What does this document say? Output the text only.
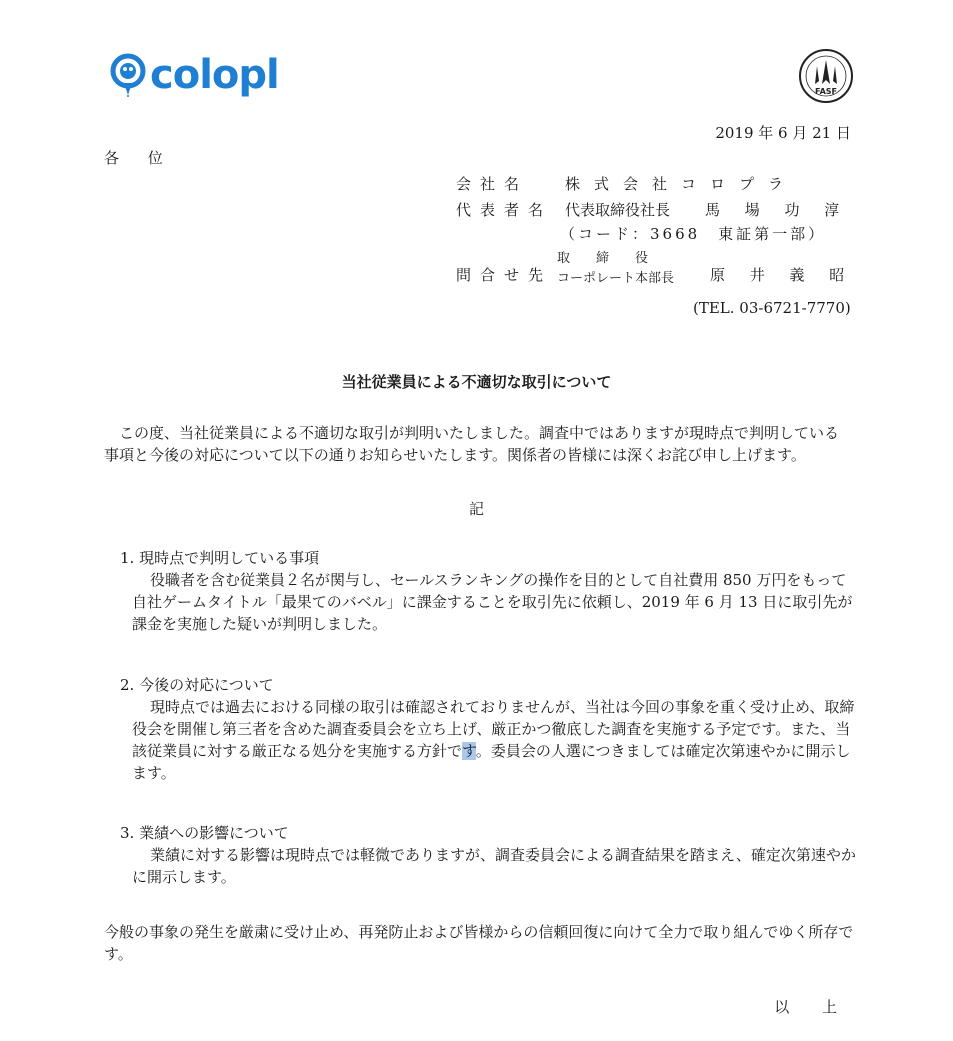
colopl	FASF
2019 年 6 月 21 日
各 位
会社名 株式会社コロプラ
代表者名 代表取締役社長 馬 場 功 淳
（コード：3668　東証第一部）
問合せ先
取　　締　　役
コーポレート本部長 原 井 義 昭
(TEL. 03-6721-7770)
当社従業員による不適切な取引について

　この度、当社従業員による不適切な取引が判明いたしました。調査中ではありますが現時点で判明している

事項と今後の対応について以下の通りお知らせいたします。関係者の皆様には深くお詫び申し上げます。

記

1. 現時点で判明している事項

役職者を含む従業員２名が関与し、セールスランキングの操作を目的として自社費用 850 万円をもって自社ゲームタイトル「最果てのバベル」に課金することを取引先に依頼し、2019 年 6 月 13 日に取引先が課金を実施した疑いが判明しました。

2. 今後の対応について

現時点では過去における同様の取引は確認されておりませんが、当社は今回の事象を重く受け止め、取締役会を開催し第三者を含めた調査委員会を立ち上げ、厳正かつ徹底した調査を実施する予定です。また、当該従業員に対する厳正なる処分を実施する方針です。委員会の人選につきましては確定次第速やかに開示します。

3. 業績への影響について

業績に対する影響は現時点では軽微でありますが、調査委員会による調査結果を踏まえ、確定次第速やかに開示します。

今般の事象の発生を厳粛に受け止め、再発防止および皆様からの信頼回復に向けて全力で取り組んでゆく所存です。
以 上
